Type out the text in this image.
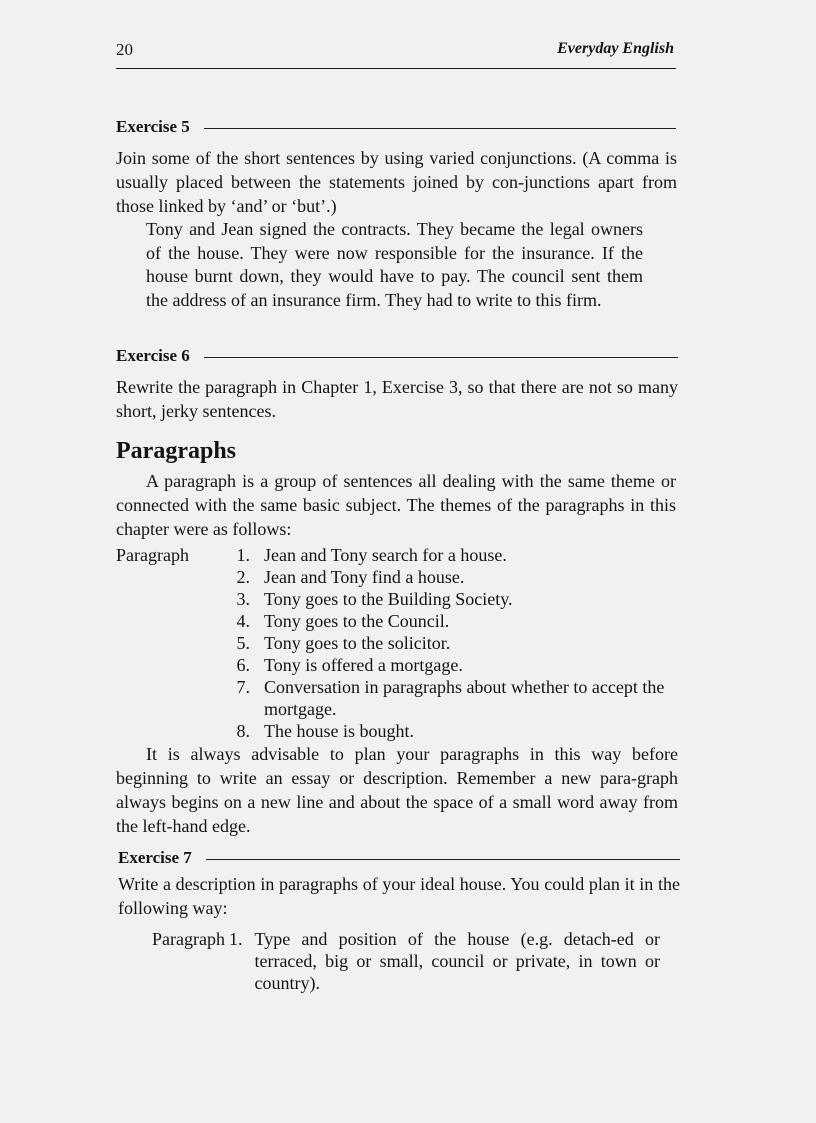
20	Everyday English
Exercise 5

Join some of the short sentences by using varied conjunctions. (A comma is usually placed between the statements joined by con-junctions apart from those linked by ‘and’ or ‘but’.)

Tony and Jean signed the contracts. They became the legal owners of the house. They were now responsible for the insurance. If the house burnt down, they would have to pay. The council sent them the address of an insurance firm. They had to write to this firm.

Exercise 6

Rewrite the paragraph in Chapter 1, Exercise 3, so that there are not so many short, jerky sentences.

Paragraphs

A paragraph is a group of sentences all dealing with the same theme or connected with the same basic subject. The themes of the paragraphs in this chapter were as follows:

Paragraph	1. Jean and Tony search for a house.
2. Jean and Tony find a house.
3. Tony goes to the Building Society.
4. Tony goes to the Council.
5. Tony goes to the solicitor.
6. Tony is offered a mortgage.
7. Conversation in paragraphs about whether to accept the mortgage.
8. The house is bought.

It is always advisable to plan your paragraphs in this way before beginning to write an essay or description. Remember a new para-graph always begins on a new line and about the space of a small word away from the left-hand edge.

Exercise 7

Write a description in paragraphs of your ideal house. You could plan it in the following way:

Paragraph 1. Type and position of the house (e.g. detach-ed or terraced, big or small, council or private, in town or country).
